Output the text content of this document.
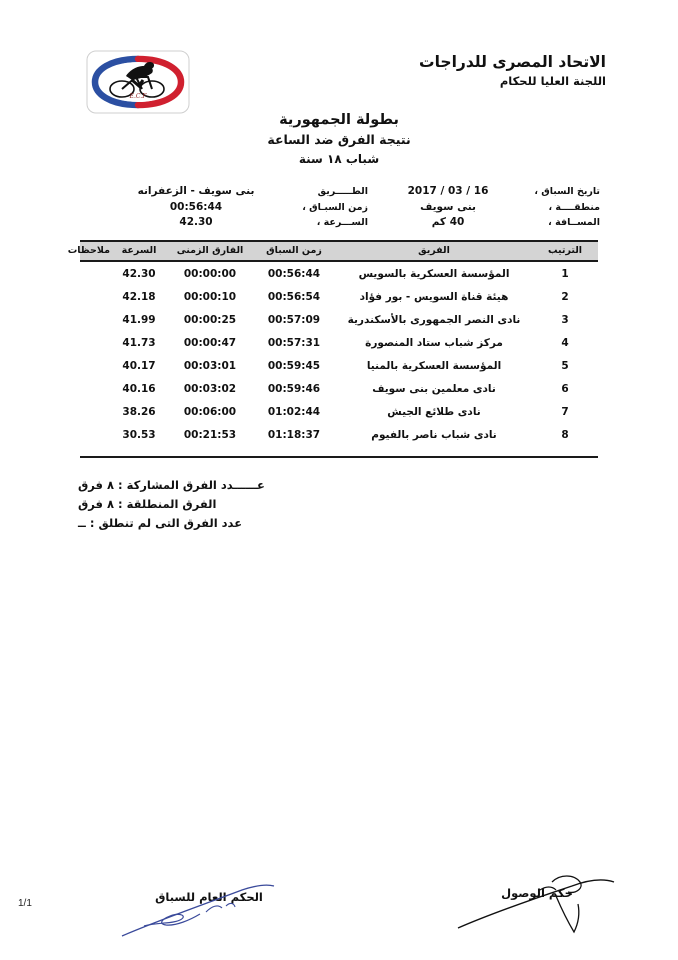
E.C.F
الاتحاد المصرى للدراجات
اللجنة العليا للحكام
بطولة الجمهورية
نتيجة الفرق ضد الساعة
شباب ١٨ سنة
تاريخ السباق ،
16 / 03 / 2017
منطقــــة ،
بنى سويف
المســافة ،
40 كم
الطـــــريق
بنى سويف - الزعفرانه
زمن السبـاق ،
00:56:44
الســـرعة ،
42.30
الترتيب	الفريق	زمن السباق	الفارق الزمنى	السرعة	ملاحظات
1	المؤسسة العسكرية بالسويس	00:56:44	00:00:00	42.30	
2	هيئة قناة السويس - بور فؤاد	00:56:54	00:00:10	42.18	
3	نادى النصر الجمهورى بالأسكندرية	00:57:09	00:00:25	41.99	
4	مركز شباب ستاد المنصورة	00:57:31	00:00:47	41.73	
5	المؤسسة العسكرية بالمنيا	00:59:45	00:03:01	40.17	
6	نادى معلمين بنى سويف	00:59:46	00:03:02	40.16	
7	نادى طلائع الجيش	01:02:44	00:06:00	38.26	
8	نادى شباب ناصر بالفيوم	01:18:37	00:21:53	30.53	
عــــــدد الفرق المشاركة : ٨ فرق
الفرق المنطلقة : ٨ فرق
عدد الفرق التى لم تنطلق : ــ
1/1	الحكم العام للسباق	حكم الوصول
